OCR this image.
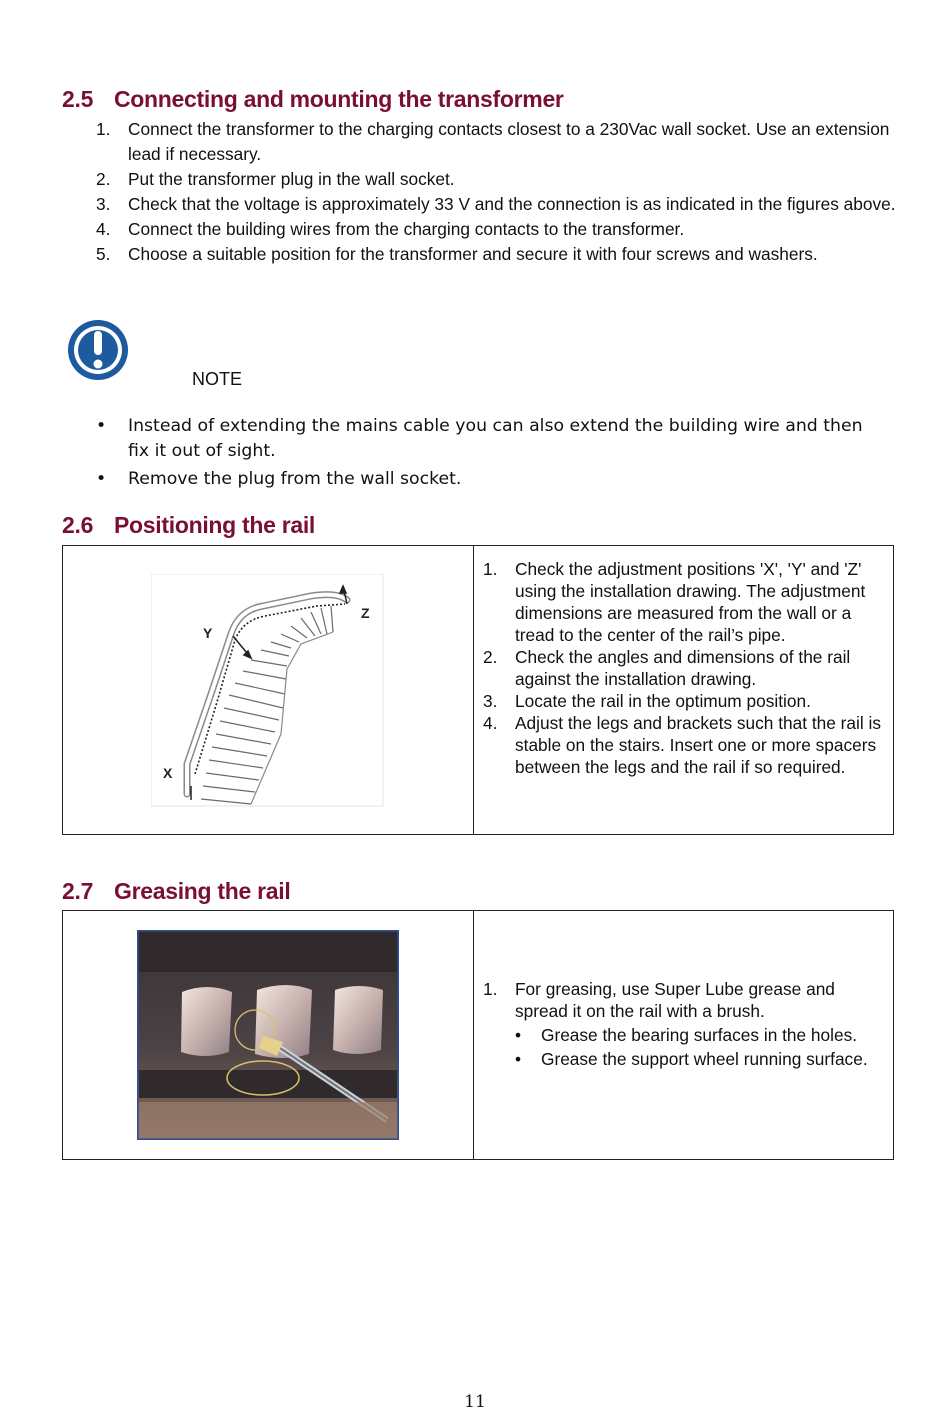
2.5 Connecting and mounting the transformer
1. Connect the transformer to the charging contacts closest to a 230Vac wall socket. Use an extension lead if necessary.
2. Put the transformer plug in the wall socket.
3. Check that the voltage is approximately 33 V and the connection is as indicated in the figures above.
4. Connect the building wires from the charging contacts to the transformer.
5. Choose a suitable position for the transformer and secure it with four screws and washers.
NOTE
• Instead of extending the mains cable you can also extend the building wire and then fix it out of sight.
• Remove the plug from the wall socket.
2.6 Positioning the rail
Y
Z
X
1. Check the adjustment positions 'X', 'Y' and 'Z' using the installation drawing. The adjustment dimensions are measured from the wall or a tread to the center of the rail’s pipe.
2. Check the angles and dimensions of the rail against the installation drawing.
3. Locate the rail in the optimum position.
4. Adjust the legs and brackets such that the rail is stable on the stairs. Insert one or more spacers between the legs and the rail if so required.
2.7 Greasing the rail
1. For greasing, use Super Lube grease and spread it on the rail with a brush.
• Grease the bearing surfaces in the holes.
• Grease the support wheel running surface.
11
